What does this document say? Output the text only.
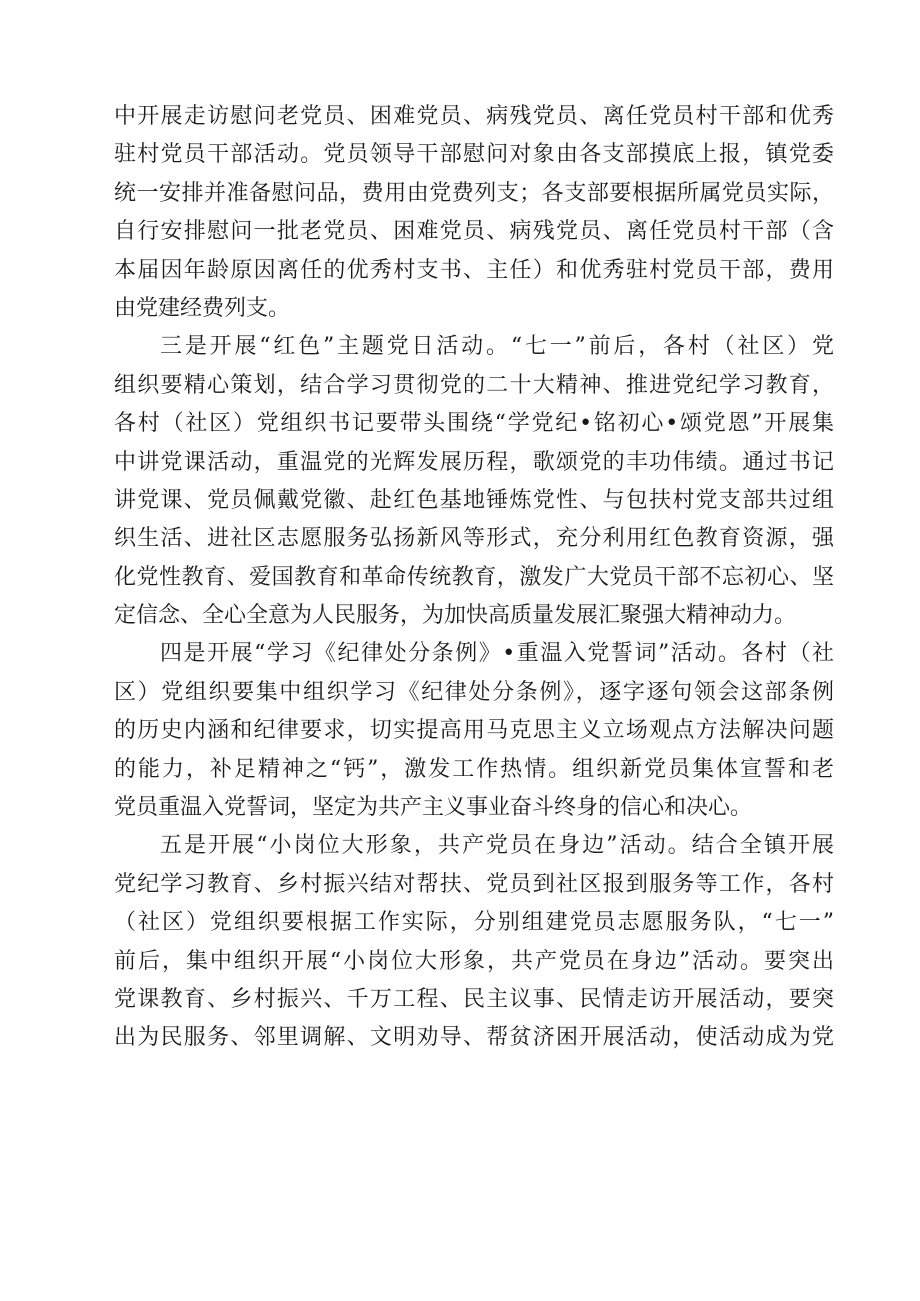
中开展走访慰问老党员、困难党员、病残党员、离任党员村干部和优秀
驻村党员干部活动。党员领导干部慰问对象由各支部摸底上报，镇党委
统一安排并准备慰问品，费用由党费列支；各支部要根据所属党员实际，
自行安排慰问一批老党员、困难党员、病残党员、离任党员村干部（含
本届因年龄原因离任的优秀村支书、主任）和优秀驻村党员干部，费用
由党建经费列支。
三是开展“红色”主题党日活动。“七一”前后，各村（社区）党
组织要精心策划，结合学习贯彻党的二十大精神、推进党纪学习教育，
各村（社区）党组织书记要带头围绕“学党纪•铭初心•颂党恩”开展集
中讲党课活动，重温党的光辉发展历程，歌颂党的丰功伟绩。通过书记
讲党课、党员佩戴党徽、赴红色基地锤炼党性、与包扶村党支部共过组
织生活、进社区志愿服务弘扬新风等形式，充分利用红色教育资源，强
化党性教育、爱国教育和革命传统教育，激发广大党员干部不忘初心、坚
定信念、全心全意为人民服务，为加快高质量发展汇聚强大精神动力。
四是开展“学习《纪律处分条例》•重温入党誓词”活动。各村（社
区）党组织要集中组织学习《纪律处分条例》，逐字逐句领会这部条例
的历史内涵和纪律要求，切实提高用马克思主义立场观点方法解决问题
的能力，补足精神之“钙”，激发工作热情。组织新党员集体宣誓和老
党员重温入党誓词，坚定为共产主义事业奋斗终身的信心和决心。
五是开展“小岗位大形象，共产党员在身边”活动。结合全镇开展
党纪学习教育、乡村振兴结对帮扶、党员到社区报到服务等工作，各村
（社区）党组织要根据工作实际，分别组建党员志愿服务队，“七一”
前后，集中组织开展“小岗位大形象，共产党员在身边”活动。要突出
党课教育、乡村振兴、千万工程、民主议事、民情走访开展活动，要突
出为民服务、邻里调解、文明劝导、帮贫济困开展活动，使活动成为党
